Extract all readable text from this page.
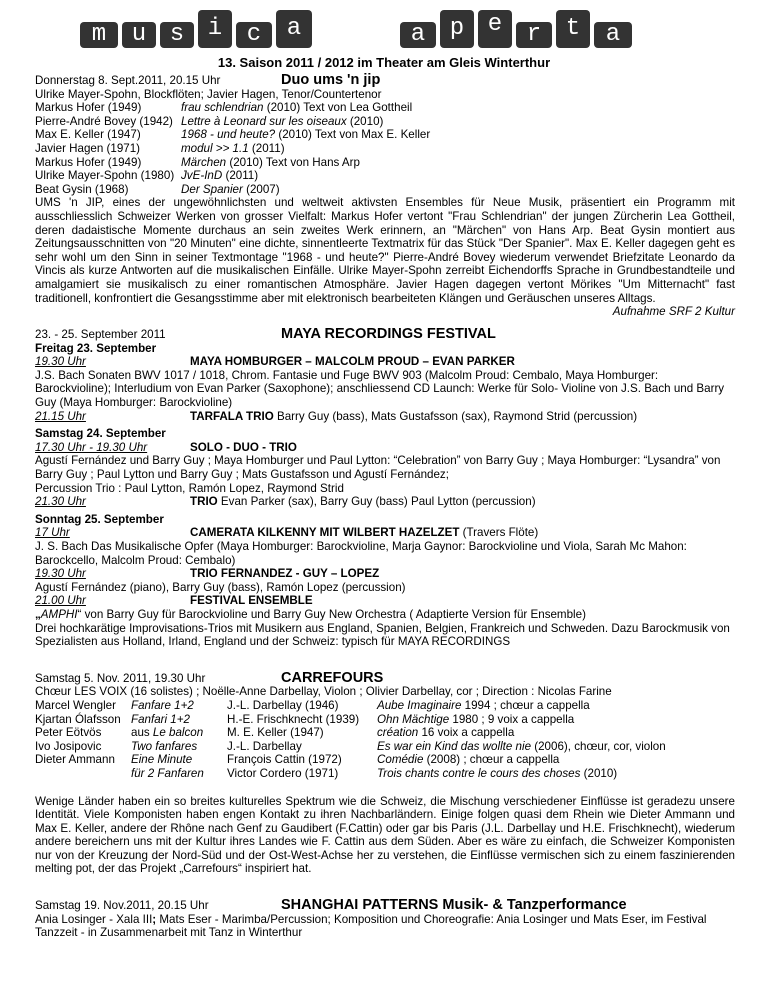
m	u s i	c	a	a	p e	r	t	a
13. Saison 2011 / 2012 im Theater am Gleis Winterthur
Donnerstag 8. Sept.2011, 20.15 Uhr	Duo ums 'n jip
Ulrike Mayer-Spohn, Blockflöten; Javier Hagen, Tenor/Countertenor
Markus Hofer (1949)	frau schlendrian (2010) Text von Lea Gottheil
Pierre-André Bovey (1942) Lettre à Leonard sur les oiseaux (2010)
Max E. Keller (1947)	1968 - und heute? (2010) Text von Max E. Keller
Javier Hagen (1971)	modul >> 1.1 (2011)
Markus Hofer (1949)	Märchen (2010) Text von Hans Arp
Ulrike Mayer-Spohn (1980) JvE-InD (2011)
Beat Gysin (1968)	Der Spanier (2007)
UMS 'n JIP, eines der ungewöhnlichsten und weltweit aktivsten Ensembles für Neue Musik, präsentiert ein Programm mit ausschliesslich Schweizer Werken von grosser Vielfalt: Markus Hofer vertont "Frau Schlendrian" der jungen Zürcherin Lea Gottheil, deren dadaistische Momente durchaus an sein zweites Werk erinnern, an "Märchen" von Hans Arp. Beat Gysin montiert aus Zeitungsausschnitten von "20 Minuten" eine dichte, sinnentleerte Textmatrix für das Stück "Der Spanier". Max E. Keller dagegen geht es sehr wohl um den Sinn in seiner Textmontage "1968 - und heute?" Pierre-André Bovey wiederum verwendet Briefzitate Leonardo da Vincis als kurze Antworten auf die musikalischen Einfälle. Ulrike Mayer-Spohn zerreibt Eichendorffs Sprache in Grundbestandteile und amalgamiert sie musikalisch zu einer romantischen Atmosphäre. Javier Hagen dagegen vertont Mörikes "Um Mitternacht" fast traditionell, konfrontiert die Gesangsstimme aber mit elektronisch bearbeiteten Klängen und Geräuschen unseres Alltags.
Aufnahme SRF 2 Kultur
23. - 25. September 2011	MAYA RECORDINGS FESTIVAL
Freitag 23. September
19.30 Uhr	MAYA HOMBURGER – MALCOLM PROUD – EVAN PARKER
J.S. Bach Sonaten BWV 1017 / 1018, Chrom. Fantasie und Fuge BWV 903 (Malcolm Proud: Cembalo, Maya Homburger: Barockvioline); Interludium von Evan Parker (Saxophone); anschliessend CD Launch: Werke für Solo- Violine von J.S. Bach und Barry Guy (Maya Homburger: Barockvioline)
21.15 Uhr	TARFALA TRIO Barry Guy (bass), Mats Gustafsson (sax), Raymond Strid (percussion)
Samstag 24. September
17.30 Uhr - 19.30 Uhr	SOLO - DUO - TRIO
Agustí Fernández und Barry Guy ; Maya Homburger und Paul Lytton: “Celebration” von Barry Guy ; Maya Homburger: “Lysandra” von Barry Guy ; Paul Lytton und Barry Guy ; Mats Gustafsson und Agustí Fernández;
Percussion Trio : Paul Lytton, Ramón Lopez, Raymond Strid
21.30 Uhr	TRIO Evan Parker (sax), Barry Guy (bass) Paul Lytton (percussion)
Sonntag 25. September
17 Uhr	CAMERATA KILKENNY MIT WILBERT HAZELZET (Travers Flöte)
J. S. Bach Das Musikalische Opfer (Maya Homburger: Barockvioline, Marja Gaynor: Barockvioline und Viola, Sarah Mc Mahon: Barockcello, Malcolm Proud: Cembalo)
19.30 Uhr	TRIO FERNANDEZ - GUY – LOPEZ
Agustí Fernández (piano), Barry Guy (bass), Ramón Lopez (percussion)
21.00 Uhr	FESTIVAL ENSEMBLE
„AMPHI“ von Barry Guy für Barockvioline und Barry Guy New Orchestra ( Adaptierte Version für Ensemble)
Drei hochkarätige Improvisations-Trios mit Musikern aus England, Spanien, Belgien, Frankreich und Schweden. Dazu Barockmusik von Spezialisten aus Holland, Irland, England und der Schweiz: typisch für MAYA RECORDINGS
Samstag 5. Nov. 2011, 19.30 Uhr	CARREFOURS
Chœur LES VOIX (16 solistes) ; Noëlle-Anne Darbellay, Violon ; Olivier Darbellay, cor ; Direction : Nicolas Farine
Marcel Wengler	Fanfare 1+2	J.-L. Darbellay (1946)	Aube Imaginaire 1994 ; chœur a cappella
Kjartan Ólafsson Fanfari 1+2	H.-E. Frischknecht (1939)	Ohn Mächtige 1980 ; 9 voix a cappella
Peter Eötvös	aus Le balcon	M. E. Keller (1947)	création 16 voix a cappella
Ivo Josipovic	Two fanfares	J.-L. Darbellay	Es war ein Kind das wollte nie (2006), chœur, cor, violon
Dieter Ammann	Eine Minute	François Cattin (1972)	Comédie (2008) ; chœur a cappella
für 2 Fanfaren	Victor Cordero (1971)	Trois chants contre le cours des choses (2010)
Wenige Länder haben ein so breites kulturelles Spektrum wie die Schweiz, die Mischung verschiedener Einflüsse ist geradezu unsere Identität. Viele Komponisten haben engen Kontakt zu ihren Nachbarländern. Einige folgen quasi dem Rhein wie Dieter Ammann und Max E. Keller, andere der Rhône nach Genf zu Gaudibert (F.Cattin) oder gar bis Paris (J.L. Darbellay und H.E. Frischknecht), wiederum andere bereichern uns mit der Kultur ihres Landes wie F. Cattin aus dem Süden. Aber es wäre zu einfach, die Schweizer Komponisten nur von der Kreuzung der Nord-Süd und der Ost-West-Achse her zu verstehen, die Einflüsse vermischen sich zu einem faszinierenden melting pot, der das Projekt „Carrefours“ inspiriert hat.
Samstag 19. Nov.2011, 20.15 Uhr	SHANGHAI PATTERNS Musik- & Tanzperformance
Ania Losinger - Xala III; Mats Eser - Marimba/Percussion; Komposition und Choreografie: Ania Losinger und Mats Eser, im Festival Tanzzeit - in Zusammenarbeit mit Tanz in Winterthur
